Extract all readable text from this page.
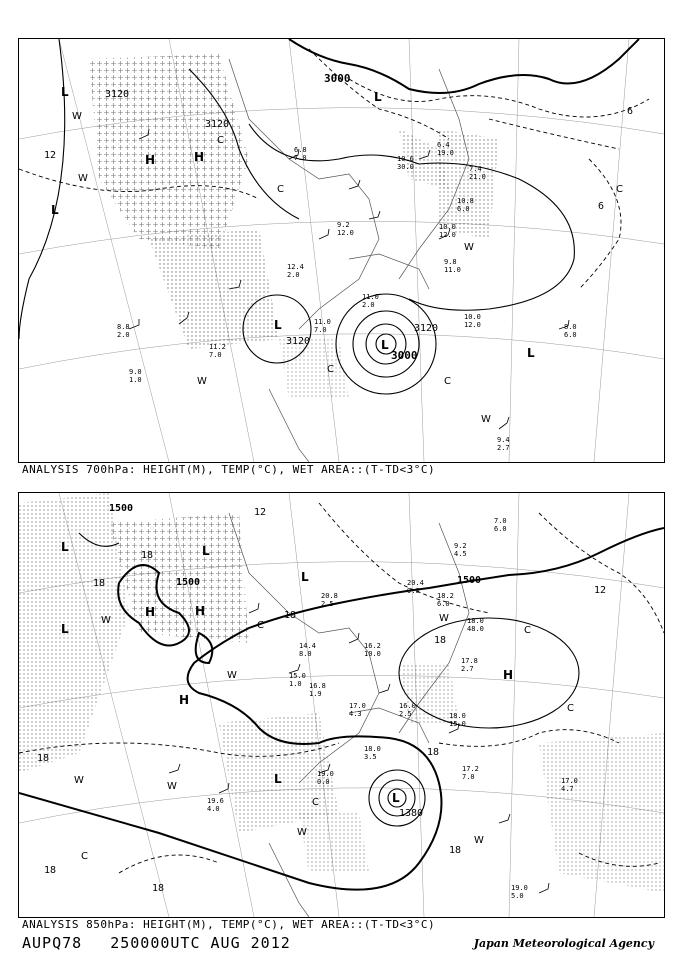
3120
3120
3000
3120
3000
3120
12
6
6
L
L
H	H
L
L
L
L
W
W
C
C
W
C
C
W
C
W
9.4 2.7
8.0 6.0
10.0 12.0
11.0 2.0
8.8 2.0
9.0 1.0
11.2 7.0
10.0 12.0
9.8 11.0
10.8 6.0
6.4 19.0
7.4 21.0
10.6 30.0
6.8 7.0
9.2 12.0
12.4 2.0
11.0 7.0
ANALYSIS 700hPa: HEIGHT(M), TEMP(°C), WET AREA::(T-TD<3°C)
1500
1500	1500
1380
18
18
18
18
18
18
18
18
18
12
12
L	L
H	H
L
H
L
L
H
L
W
W
W
C
C
W
C
C
W
W
C
W
19.0 5.0
17.0 4.7
17.2 7.0
18.0 3.5
19.0 0.0
16.0 2.5	18.0 15.0
17.8 2.7
18.0 48.0
18.2 6.0
20.4 9.0
9.2 4.5
7.0 6.0
15.0 1.0	16.8 1.9
17.0 4.3
19.6 4.0
14.4 8.0
16.2 10.0
20.8 2.5
ANALYSIS 850hPa: HEIGHT(M), TEMP(°C), WET AREA::(T-TD<3°C)
AUPQ78 250000UTC AUG 2012	Japan Meteorological Agency
